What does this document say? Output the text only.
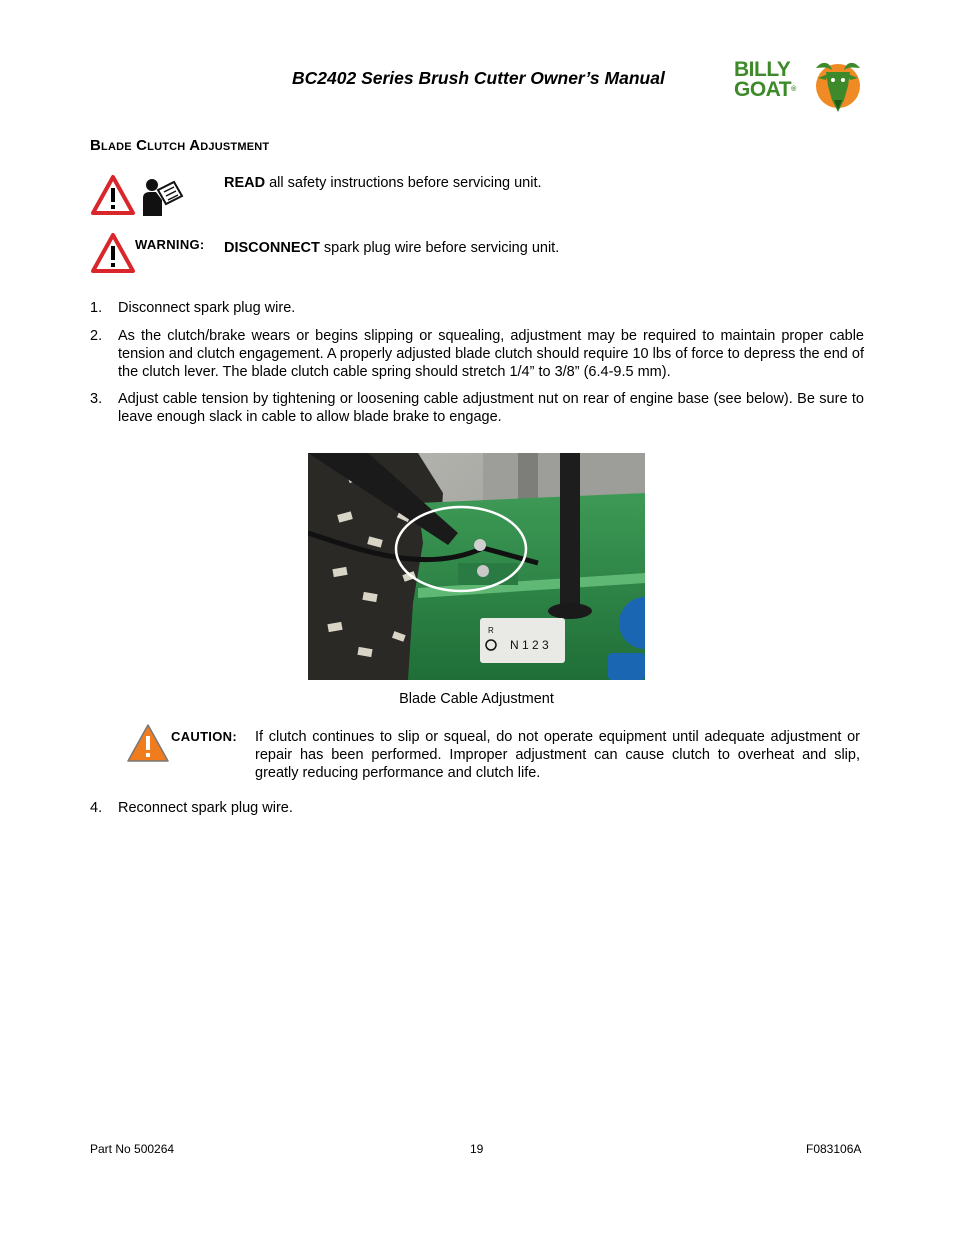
BC2402 Series Brush Cutter Owner’s Manual	BILLY
GOAT®
Blade Clutch Adjustment
READ all safety instructions before servicing unit.
WARNING: DISCONNECT spark plug wire before servicing unit.
1.	Disconnect spark plug wire.
2.	As the clutch/brake wears or begins slipping or squealing, adjustment may be required to maintain proper cable tension and clutch engagement. A properly adjusted blade clutch should require 10 lbs of force to depress the end of the clutch lever. The blade clutch cable spring should stretch 1/4” to 3/8” (6.4-9.5 mm).
3.	Adjust cable tension by tightening or loosening cable adjustment nut on rear of engine base (see below). Be sure to leave enough slack in cable to allow blade brake to engage.
R
N 1 2 3
Blade Cable Adjustment
CAUTION: If clutch continues to slip or squeal, do not operate equipment until adequate adjustment or repair has been performed. Improper adjustment can cause clutch to overheat and slip, greatly reducing performance and clutch life.
4.	Reconnect spark plug wire.
Part No 500264	19	F083106A
